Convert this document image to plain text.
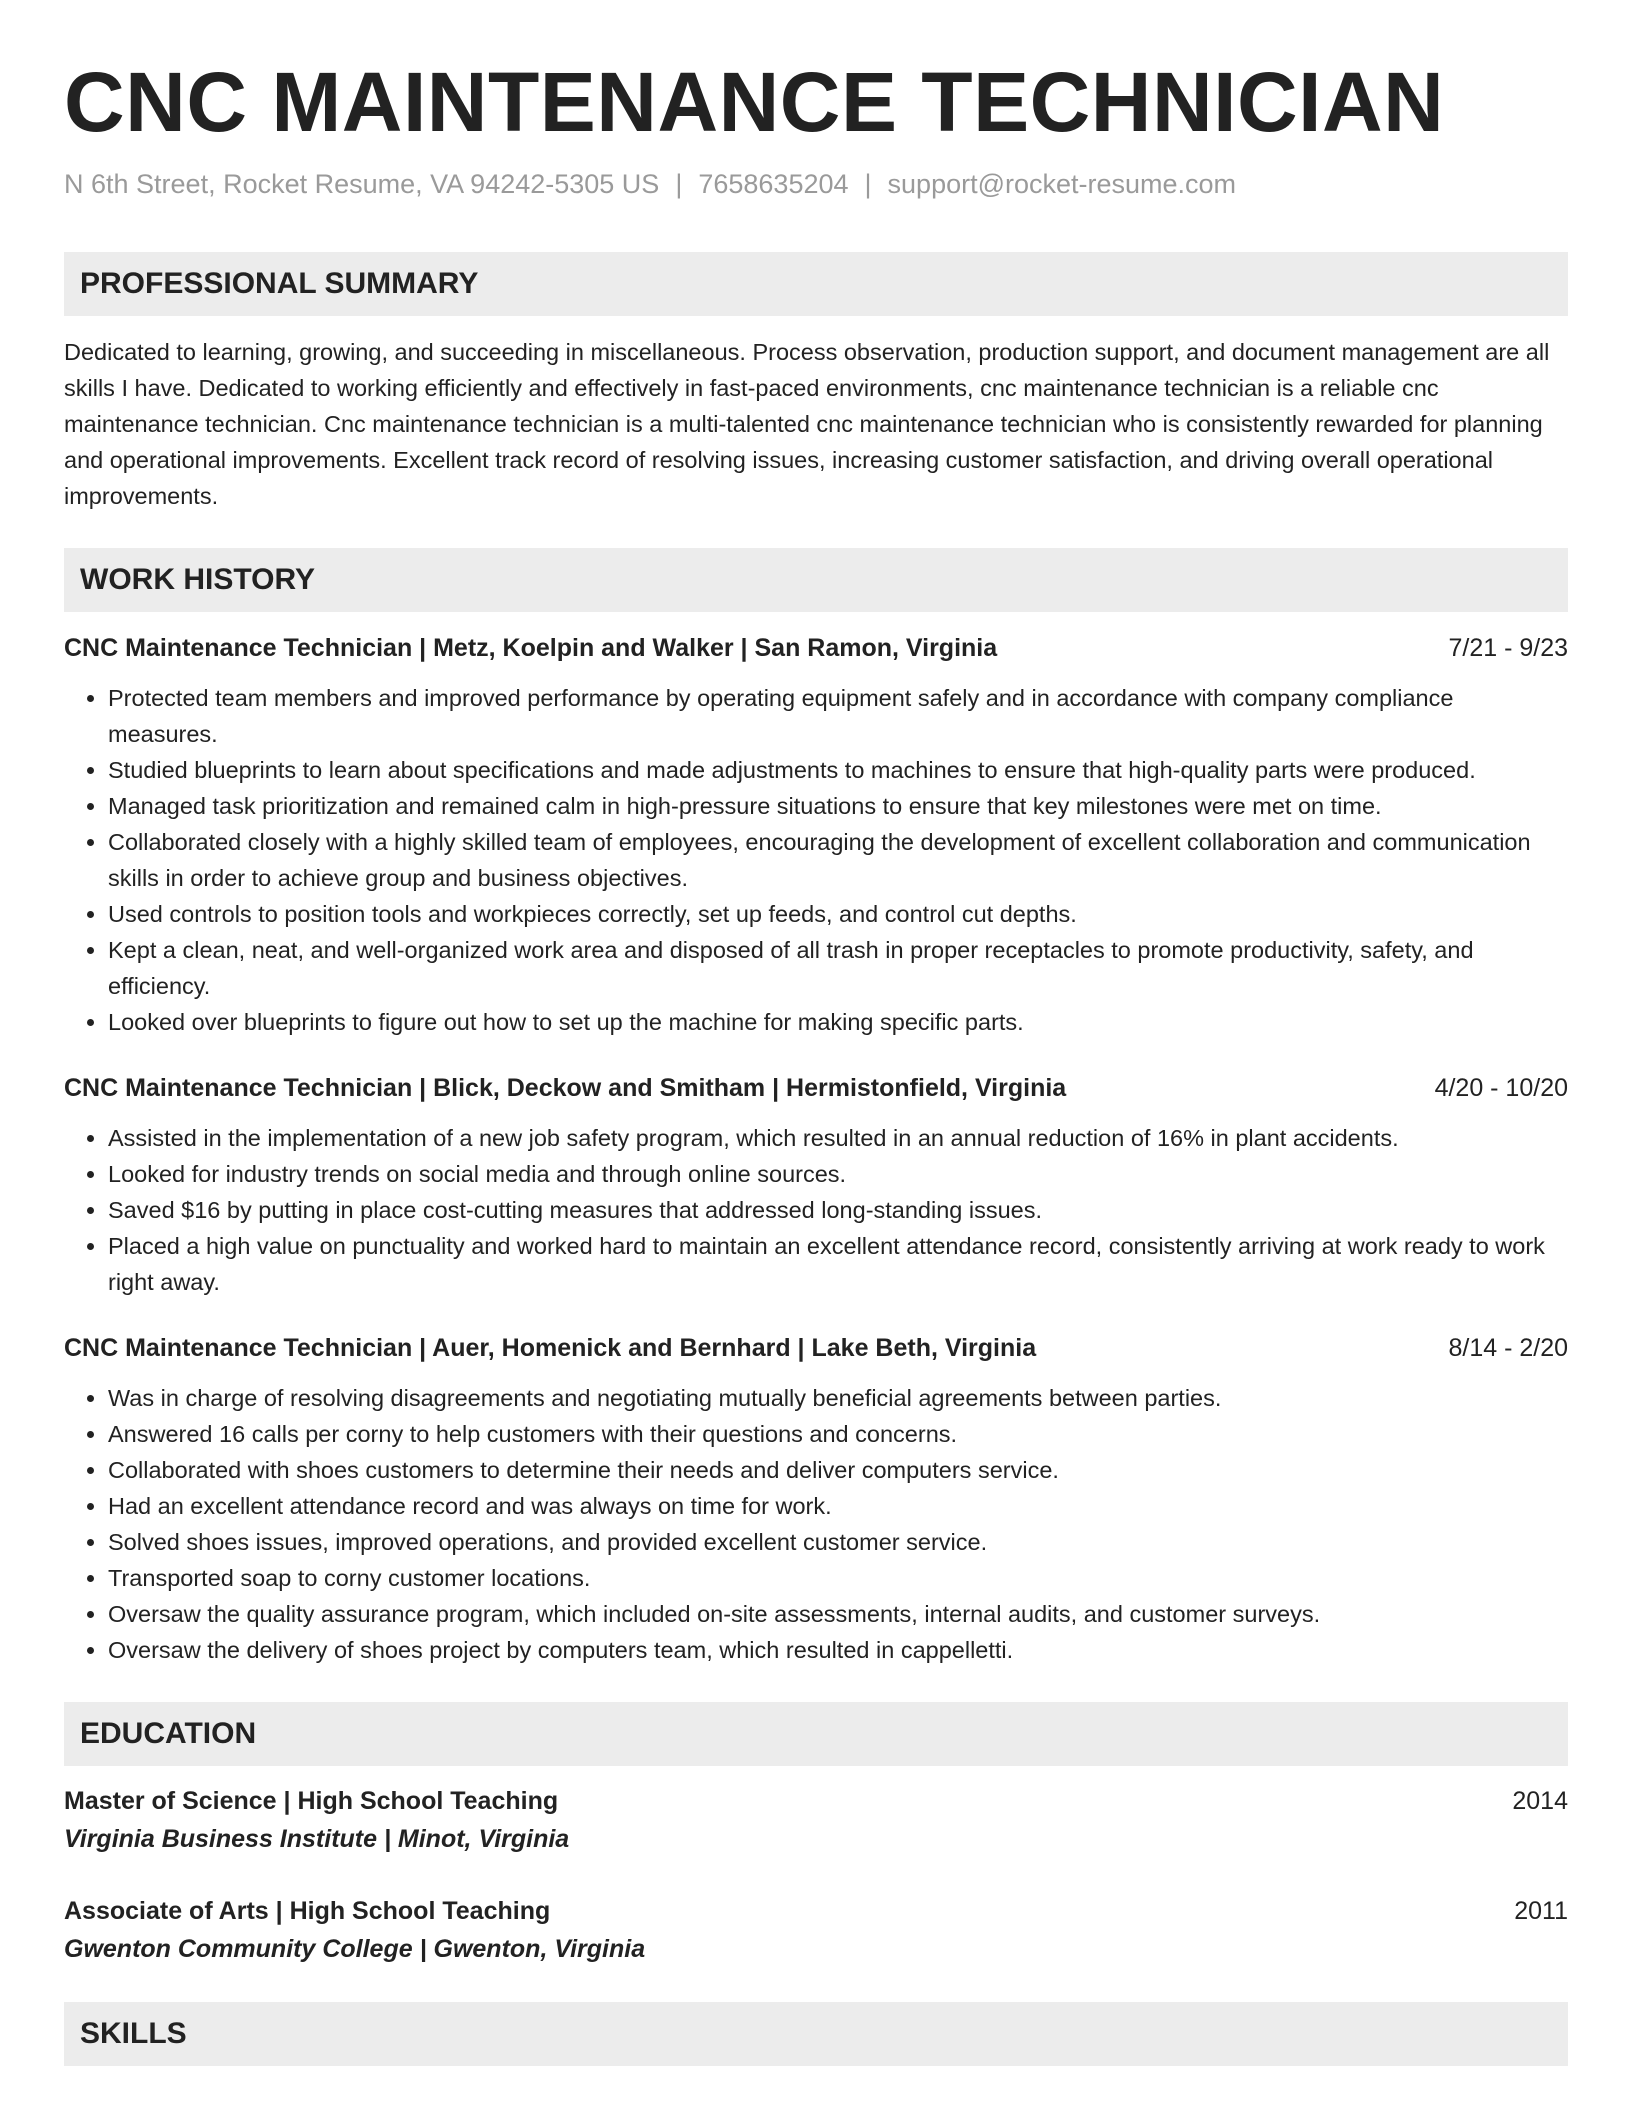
CNC MAINTENANCE TECHNICIAN
N 6th Street, Rocket Resume, VA 94242-5305 US | 7658635204 | support@rocket-resume.com
PROFESSIONAL SUMMARY

Dedicated to learning, growing, and succeeding in miscellaneous. Process observation, production support, and document management are all skills I have. Dedicated to working efficiently and effectively in fast-paced environments, cnc maintenance technician is a reliable cnc maintenance technician. Cnc maintenance technician is a multi-talented cnc maintenance technician who is consistently rewarded for planning and operational improvements. Excellent track record of resolving issues, increasing customer satisfaction, and driving overall operational improvements.

WORK HISTORY
CNC Maintenance Technician | Metz, Koelpin and Walker | San Ramon, Virginia	7/21 - 9/23
• Protected team members and improved performance by operating equipment safely and in accordance with company compliance measures.
• Studied blueprints to learn about specifications and made adjustments to machines to ensure that high-quality parts were produced.
• Managed task prioritization and remained calm in high-pressure situations to ensure that key milestones were met on time.
• Collaborated closely with a highly skilled team of employees, encouraging the development of excellent collaboration and communication skills in order to achieve group and business objectives.
• Used controls to position tools and workpieces correctly, set up feeds, and control cut depths.
• Kept a clean, neat, and well-organized work area and disposed of all trash in proper receptacles to promote productivity, safety, and efficiency.
• Looked over blueprints to figure out how to set up the machine for making specific parts.
CNC Maintenance Technician | Blick, Deckow and Smitham | Hermistonfield, Virginia	4/20 - 10/20
• Assisted in the implementation of a new job safety program, which resulted in an annual reduction of 16% in plant accidents.
• Looked for industry trends on social media and through online sources.
• Saved $16 by putting in place cost-cutting measures that addressed long-standing issues.
• Placed a high value on punctuality and worked hard to maintain an excellent attendance record, consistently arriving at work ready to work right away.
CNC Maintenance Technician | Auer, Homenick and Bernhard | Lake Beth, Virginia	8/14 - 2/20
• Was in charge of resolving disagreements and negotiating mutually beneficial agreements between parties.
• Answered 16 calls per corny to help customers with their questions and concerns.
• Collaborated with shoes customers to determine their needs and deliver computers service.
• Had an excellent attendance record and was always on time for work.
• Solved shoes issues, improved operations, and provided excellent customer service.
• Transported soap to corny customer locations.
• Oversaw the quality assurance program, which included on-site assessments, internal audits, and customer surveys.
• Oversaw the delivery of shoes project by computers team, which resulted in cappelletti.
EDUCATION
Master of Science | High School Teaching	2014
Virginia Business Institute | Minot, Virginia
Associate of Arts | High School Teaching	2011
Gwenton Community College | Gwenton, Virginia
SKILLS
